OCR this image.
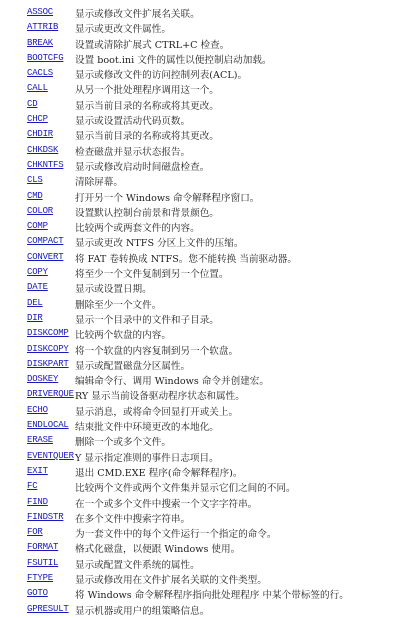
ASSOC 显示或修改文件扩展名关联。
ATTRIB 显示或更改文件属性。
BREAK 设置或清除扩展式 CTRL+C 检查。
BOOTCFG 设置 boot.ini 文件的属性以便控制启动加载。
CACLS 显示或修改文件的访问控制列表(ACL)。
CALL	从另一个批处理程序调用这一个。
CD	显示当前目录的名称或将其更改。
CHCP	显示或设置活动代码页数。
CHDIR 显示当前目录的名称或将其更改。
CHKDSK 检查磁盘并显示状态报告。
CHKNTFS 显示或修改启动时间磁盘检查。
CLS	清除屏幕。
CMD	打开另一个 Windows 命令解释程序窗口。
COLOR 设置默认控制台前景和背景颜色。
COMP	比较两个或两套文件的内容。
COMPACT 显示或更改 NTFS 分区上文件的压缩。
CONVERT 将 FAT 卷转换成 NTFS。您不能转换 当前驱动器。
COPY	将至少一个文件复制到另一个位置。
DATE	显示或设置日期。
DEL	删除至少一个文件。
DIR	显示一个目录中的文件和子目录。
DISKCOMP 比较两个软盘的内容。
DISKCOPY 将一个软盘的内容复制到另一个软盘。
DISKPART 显示或配置磁盘分区属性。
DOSKEY 编辑命令行、调用 Windows 命令并创建宏。
DRIVERQUE RY 显示当前设备驱动程序状态和属性。
ECHO	显示消息，或将命令回显打开或关上。
ENDLOCAL 结束批文件中环境更改的本地化。
ERASE 删除一个或多个文件。
EVENTQUER Y 显示指定准则的事件日志项目。
EXIT	退出 CMD.EXE 程序(命令解释程序)。
FC	比较两个文件或两个文件集并显示它们之间的不同。
FIND	在一个或多个文件中搜索一个文字字符串。
FINDSTR 在多个文件中搜索字符串。
FOR	为一套文件中的每个文件运行一个指定的命令。
FORMAT 格式化磁盘，以便跟 Windows 使用。
FSUTIL 显示或配置文件系统的属性。
FTYPE 显示或修改用在文件扩展名关联的文件类型。
GOTO	将 Windows 命令解释程序指向批处理程序 中某个带标签的行。
GPRESULT 显示机器或用户的组策略信息。
